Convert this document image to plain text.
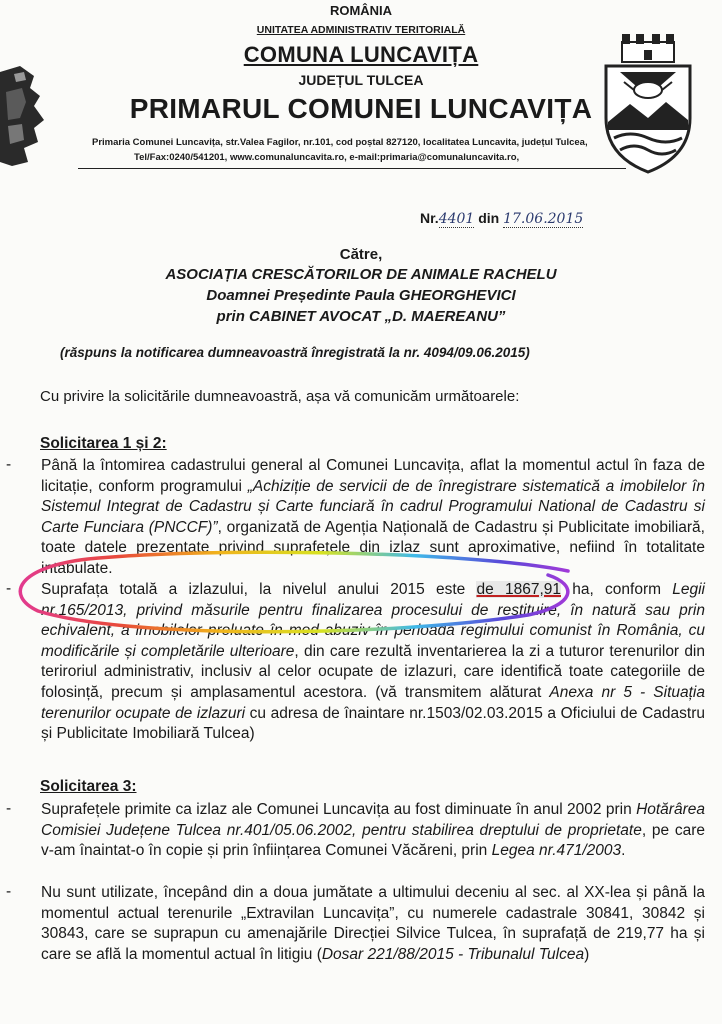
ROMÂNIA
UNITATEA ADMINISTRATIV TERITORIALĂ
COMUNA LUNCAVIȚA
JUDEȚUL TULCEA
PRIMARUL COMUNEI LUNCAVIȚA
Primaria Comunei Luncavița, str.Valea Fagilor, nr.101, cod poștal 827120, localitatea Luncavita, județul Tulcea,
Tel/Fax:0240/541201, www.comunaluncavita.ro, e-mail:primaria@comunaluncavita.ro,
Nr.4401 din 17.06.2015
Către,
ASOCIAȚIA CRESCĂTORILOR DE ANIMALE RACHELU
Doamnei Președinte Paula GHEORGHEVICI
prin CABINET AVOCAT „D. MAEREANU”
(răspuns la notificarea dumneavoastră înregistrată la nr. 4094/09.06.2015)
Cu privire la solicitările dumneavoastră, așa vă comunicăm următoarele:
Solicitarea 1 și 2:
- Până la întomirea cadastrului general al Comunei Luncavița, aflat la momentul actul în faza de licitație, conform programului „Achiziție de servicii de de înregistrare sistematică a imobilelor în Sistemul Integrat de Cadastru și Carte funciară în cadrul Programului National de Cadastru si Carte Funciara (PNCCF)”, organizată de Agenția Națională de Cadastru și Publicitate imobiliară, toate datele prezentate privind suprafețele din izlaz sunt aproximative, nefiind în totalitate intabulate.
- Suprafața totală a izlazului, la nivelul anului 2015 este de 1867,91 ha, conform Legii nr.165/2013, privind măsurile pentru finalizarea procesului de restituire, în natură sau prin echivalent, a imobilelor preluate în mod abuziv în perioada regimului comunist în România, cu modificările și completările ulterioare, din care rezultă inventarierea la zi a tuturor terenurilor din teriroriul administrativ, inclusiv al celor ocupate de izlazuri, care identifică toate categoriile de folosință, precum și amplasamentul acestora. (vă transmitem alăturat Anexa nr 5 - Situația terenurilor ocupate de izlazuri cu adresa de înaintare nr.1503/02.03.2015 a Oficiului de Cadastru și Publicitate Imobiliară Tulcea)
Solicitarea 3:
- Suprafețele primite ca izlaz ale Comunei Luncavița au fost diminuate în anul 2002 prin Hotărârea Comisiei Județene Tulcea nr.401/05.06.2002, pentru stabilirea dreptului de proprietate, pe care v-am înaintat-o în copie și prin înființarea Comunei Văcăreni, prin Legea nr.471/2003.
- Nu sunt utilizate, începând din a doua jumătate a ultimului deceniu al sec. al XX-lea și până la momentul actual terenurile „Extravilan Luncavița”, cu numerele cadastrale 30841, 30842 și 30843, care se suprapun cu amenajările Direcției Silvice Tulcea, în suprafață de 219,77 ha și care se află la momentul actual în litigiu (Dosar 221/88/2015 - Tribunalul Tulcea)
